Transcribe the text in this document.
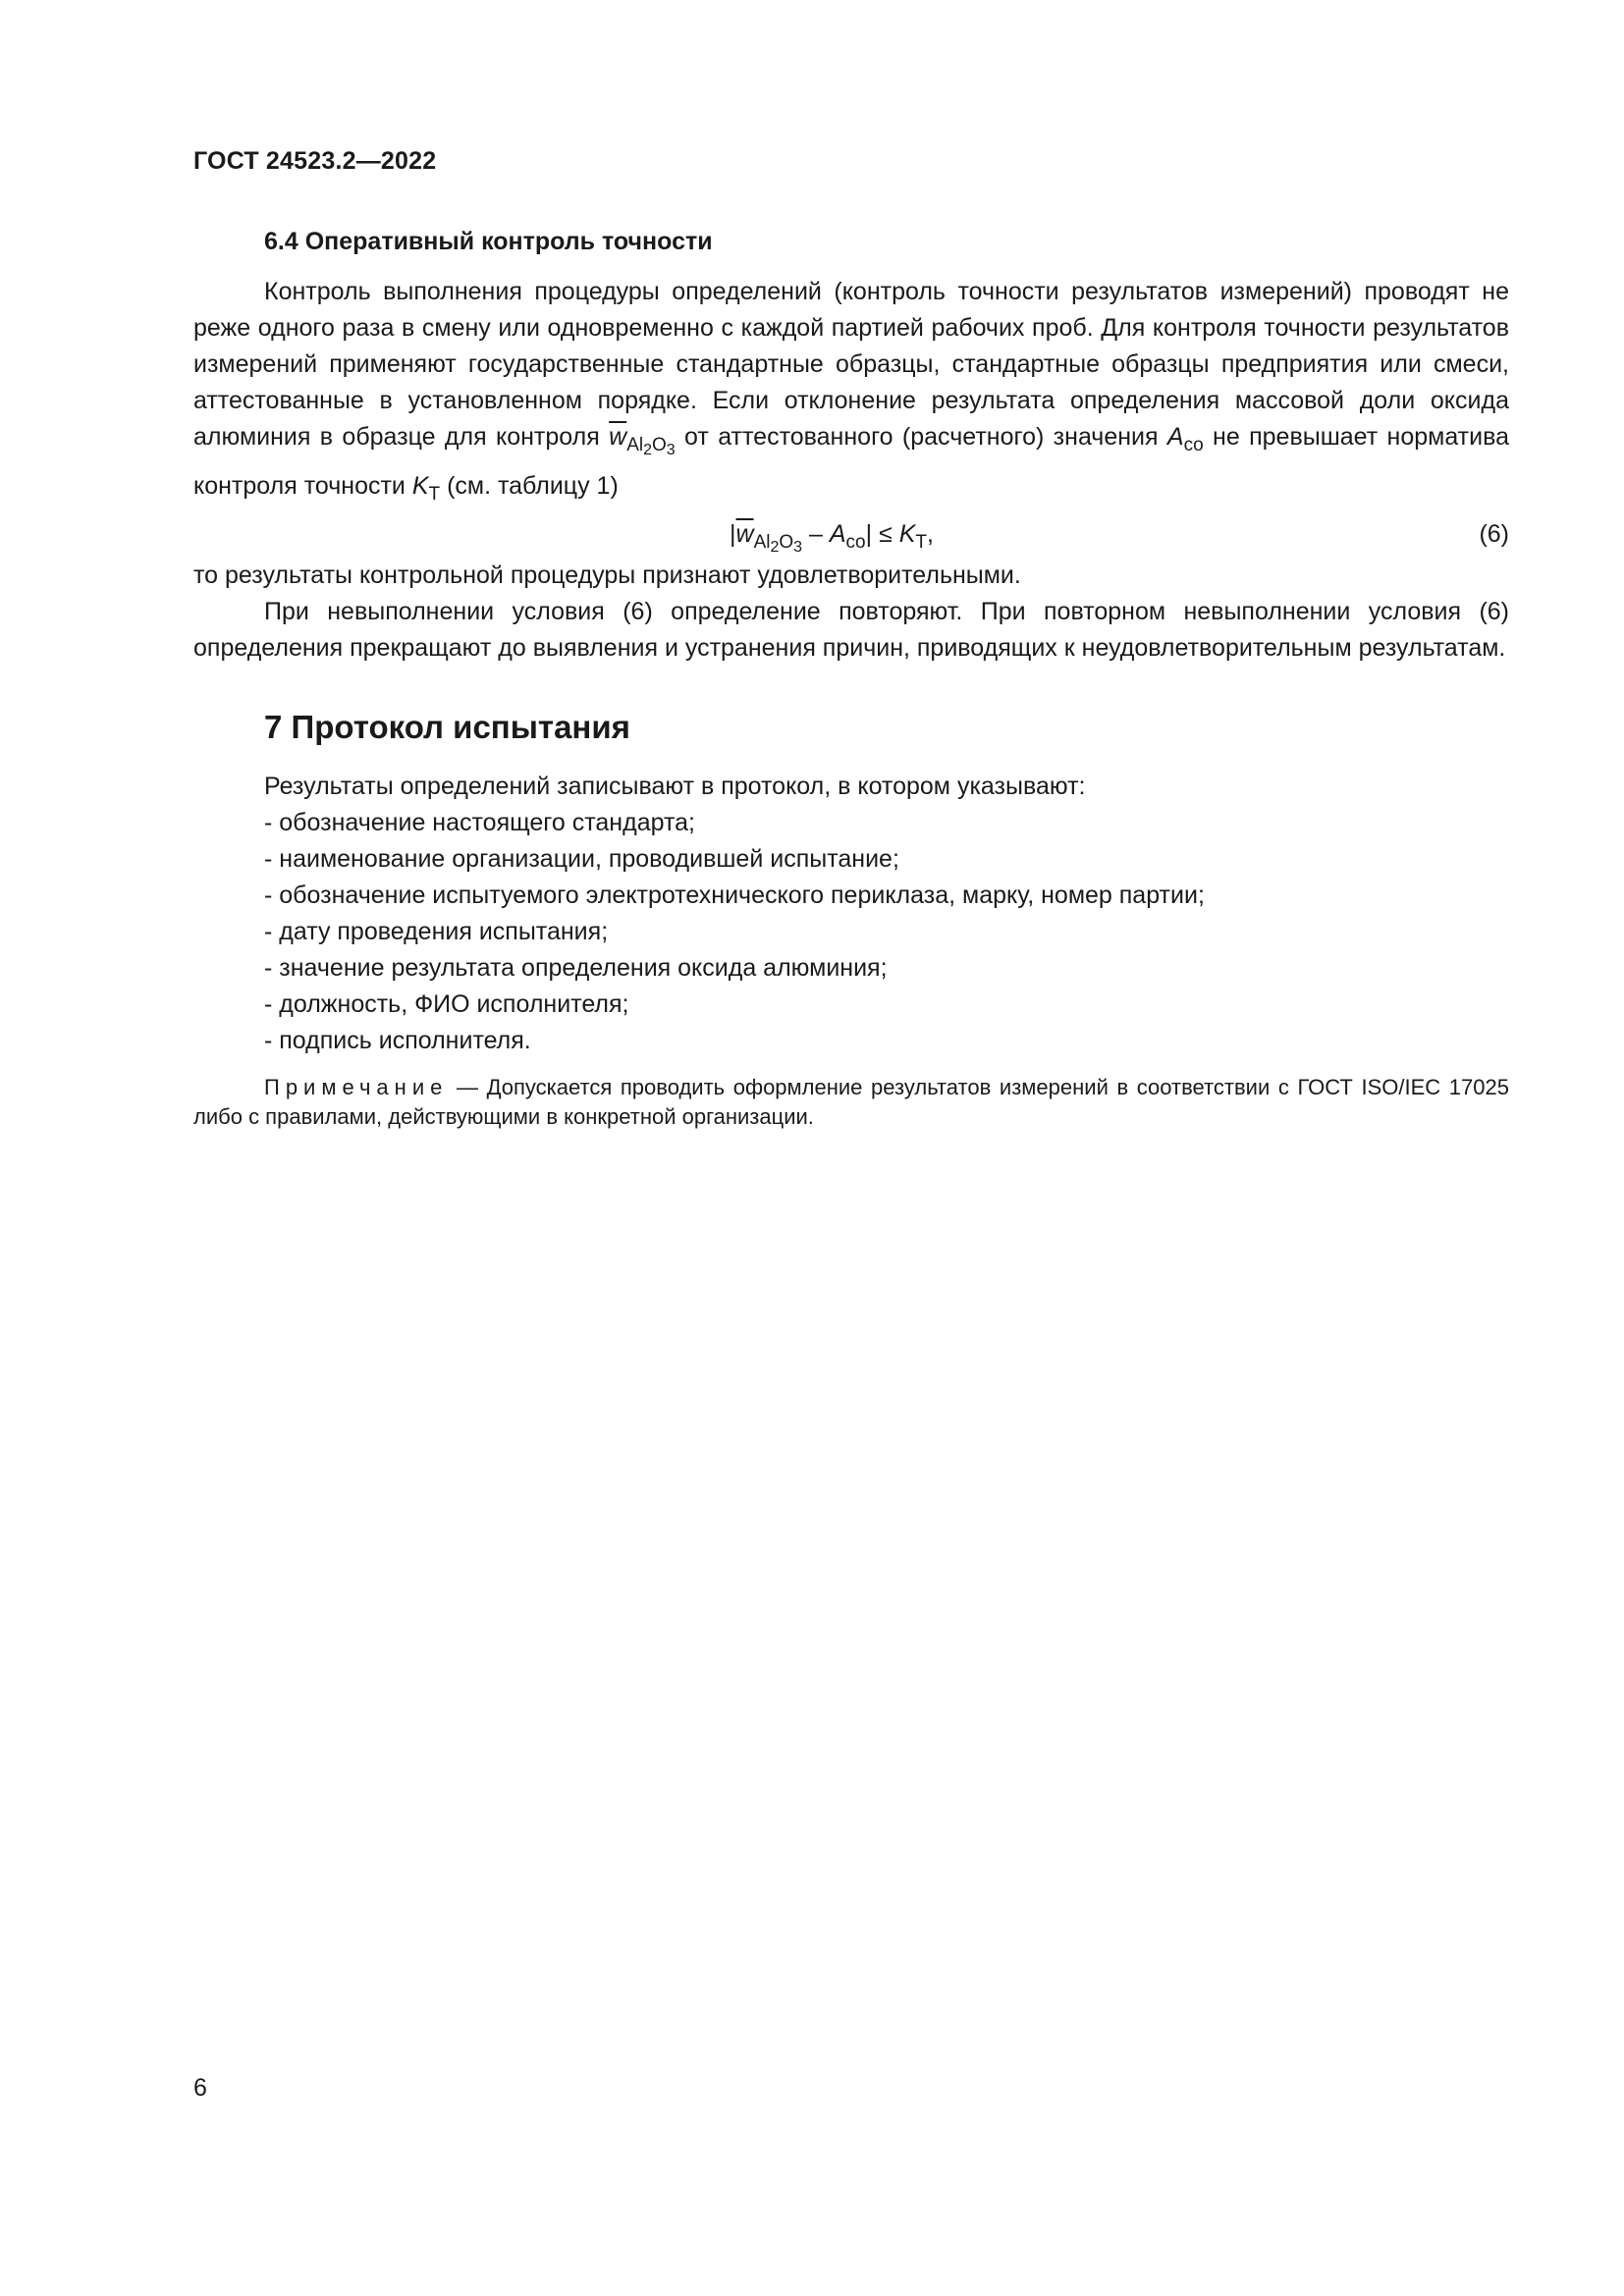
ГОСТ 24523.2—2022

6.4 Оперативный контроль точности

Контроль выполнения процедуры определений (контроль точности результатов измерений) проводят не реже одного раза в смену или одновременно с каждой партией рабочих проб. Для контроля точности результатов измерений применяют государственные стандартные образцы, стандартные образцы предприятия или смеси, аттестованные в установленном порядке. Если отклонение результата определения массовой доли оксида алюминия в образце для контроля $\overline{w}_{Al_2O_3}$ от аттестованного (расчетного) значения $A_{co}$ не превышает норматива контроля точности $K_T$ (см. таблицу 1)

$|\overline{w}_{Al_2O_3} - A_{co}| \le K_T$,	(6)

то результаты контрольной процедуры признают удовлетворительными.

При невыполнении условия (6) определение повторяют. При повторном невыполнении условия (6) определения прекращают до выявления и устранения причин, приводящих к неудовлетворительным результатам.

7 Протокол испытания

Результаты определений записывают в протокол, в котором указывают:

- обозначение настоящего стандарта;
- наименование организации, проводившей испытание;
- обозначение испытуемого электротехнического периклаза, марку, номер партии;
- дату проведения испытания;
- значение результата определения оксида алюминия;
- должность, ФИО исполнителя;
- подпись исполнителя.

Примечание — Допускается проводить оформление результатов измерений в соответствии с ГОСТ ISO/IEC 17025 либо с правилами, действующими в конкретной организации.

6
